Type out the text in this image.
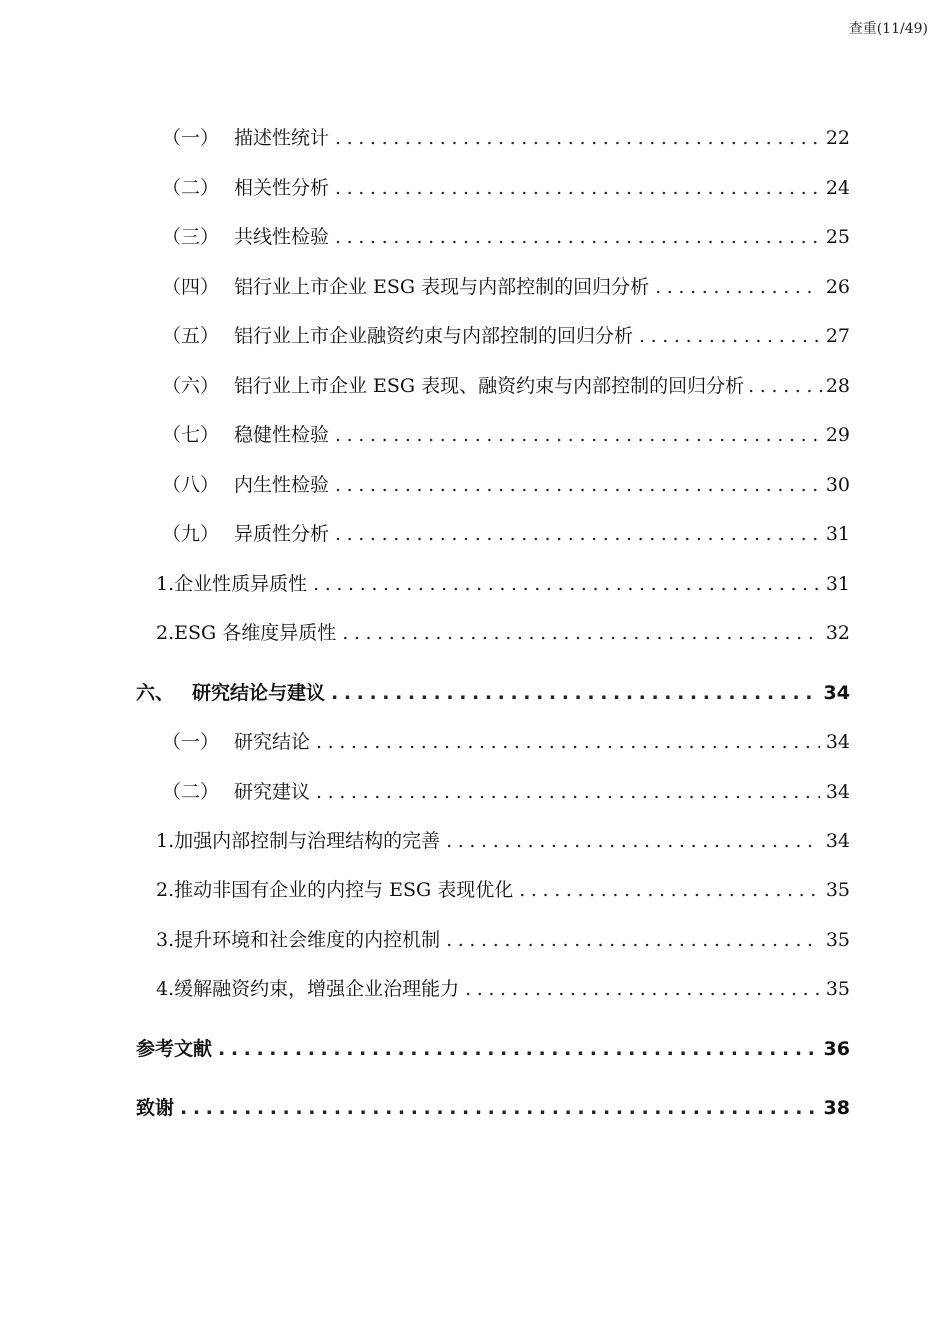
查重(11/49)
（一） 描述性统计 .....	22
（二） 相关性分析 .....	24
（三） 共线性检验 .....	25
（四） 铝行业上市企业 ESG 表现与内部控制的回归分析 .....	26
（五） 铝行业上市企业融资约束与内部控制的回归分析 .....	27
（六） 铝行业上市企业 ESG 表现、融资约束与内部控制的回归分析 .....	28
（七） 稳健性检验 .....	29
（八） 内生性检验 .....	30
（九） 异质性分析 .....	31
1.企业性质异质性 .....	31
2.ESG 各维度异质性 .....	32
六、 研究结论与建议 .....	34
（一） 研究结论 .....	34
（二） 研究建议 .....	34
1.加强内部控制与治理结构的完善 .....	34
2.推动非国有企业的内控与 ESG 表现优化 .....	35
3.提升环境和社会维度的内控机制 .....	35
4.缓解融资约束，增强企业治理能力 .....	35
参考文献 .....	36
致谢 .....	38
